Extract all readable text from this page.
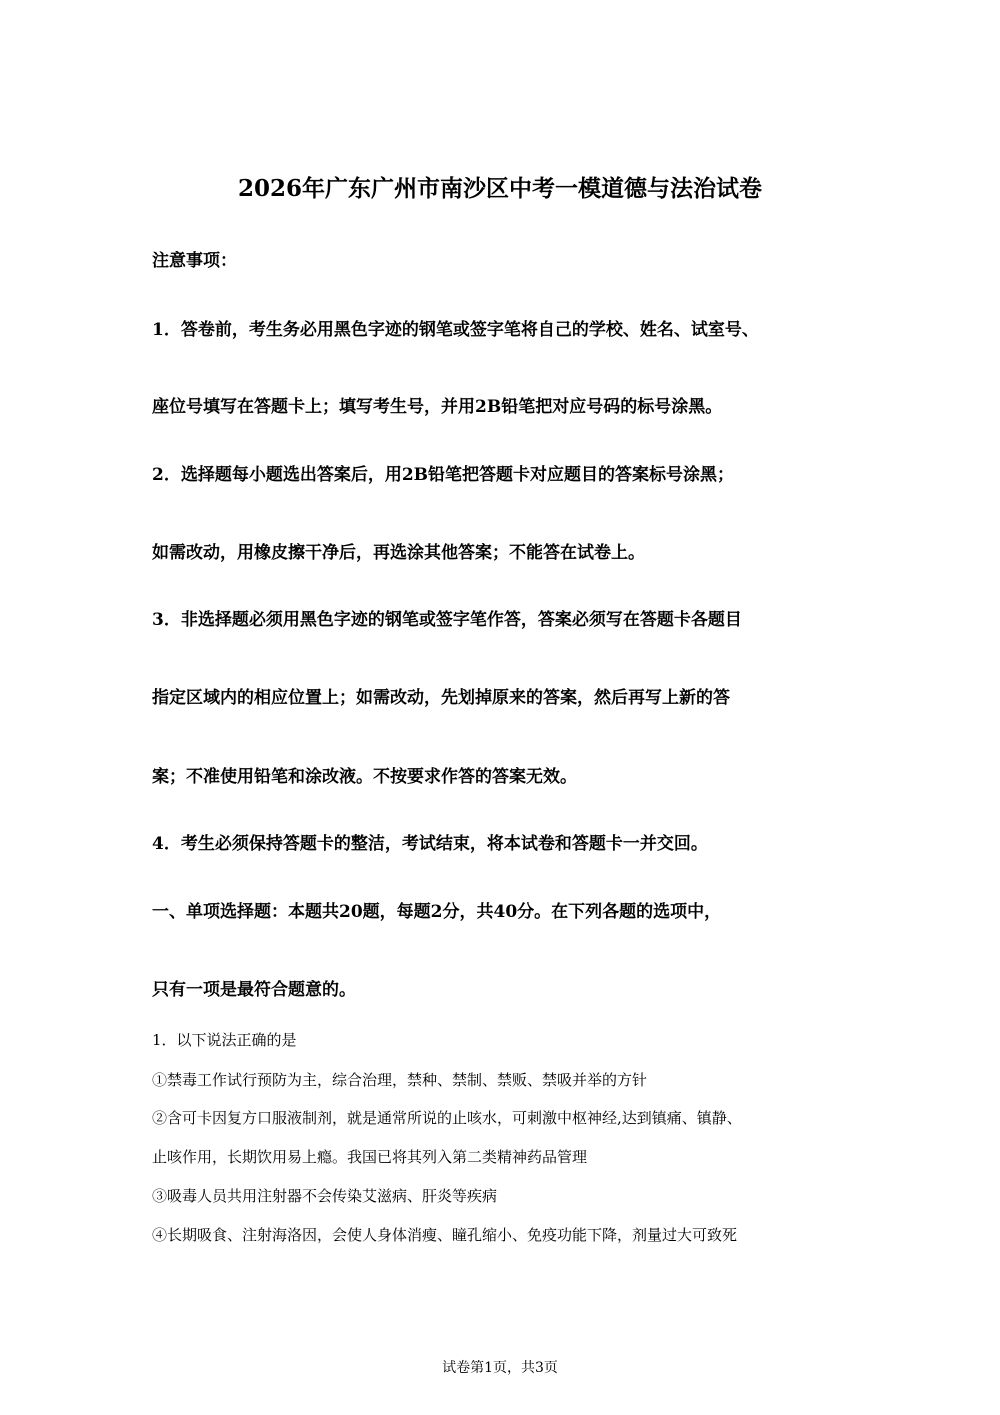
2026年广东广州市南沙区中考一模道德与法治试卷
注意事项：
1．答卷前，考生务必用黑色字迹的钢笔或签字笔将自己的学校、姓名、试室号、
座位号填写在答题卡上；填写考生号，并用2B铅笔把对应号码的标号涂黑。
2．选择题每小题选出答案后，用2B铅笔把答题卡对应题目的答案标号涂黑；
如需改动，用橡皮擦干净后，再选涂其他答案；不能答在试卷上。
3．非选择题必须用黑色字迹的钢笔或签字笔作答，答案必须写在答题卡各题目
指定区域内的相应位置上；如需改动，先划掉原来的答案，然后再写上新的答
案；不准使用铅笔和涂改液。不按要求作答的答案无效。
4．考生必须保持答题卡的整洁，考试结束，将本试卷和答题卡一并交回。
一、单项选择题：本题共20题，每题2分，共40分。在下列各题的选项中，
只有一项是最符合题意的。
1．以下说法正确的是
①禁毒工作试行预防为主，综合治理，禁种、禁制、禁贩、禁吸并举的方针
②含可卡因复方口服液制剂，就是通常所说的止咳水，可刺激中枢神经,达到镇痛、镇静、
止咳作用，长期饮用易上瘾。我国已将其列入第二类精神药品管理
③吸毒人员共用注射器不会传染艾滋病、肝炎等疾病
④长期吸食、注射海洛因，会使人身体消瘦、瞳孔缩小、免疫功能下降，剂量过大可致死
试卷第1页，共3页
